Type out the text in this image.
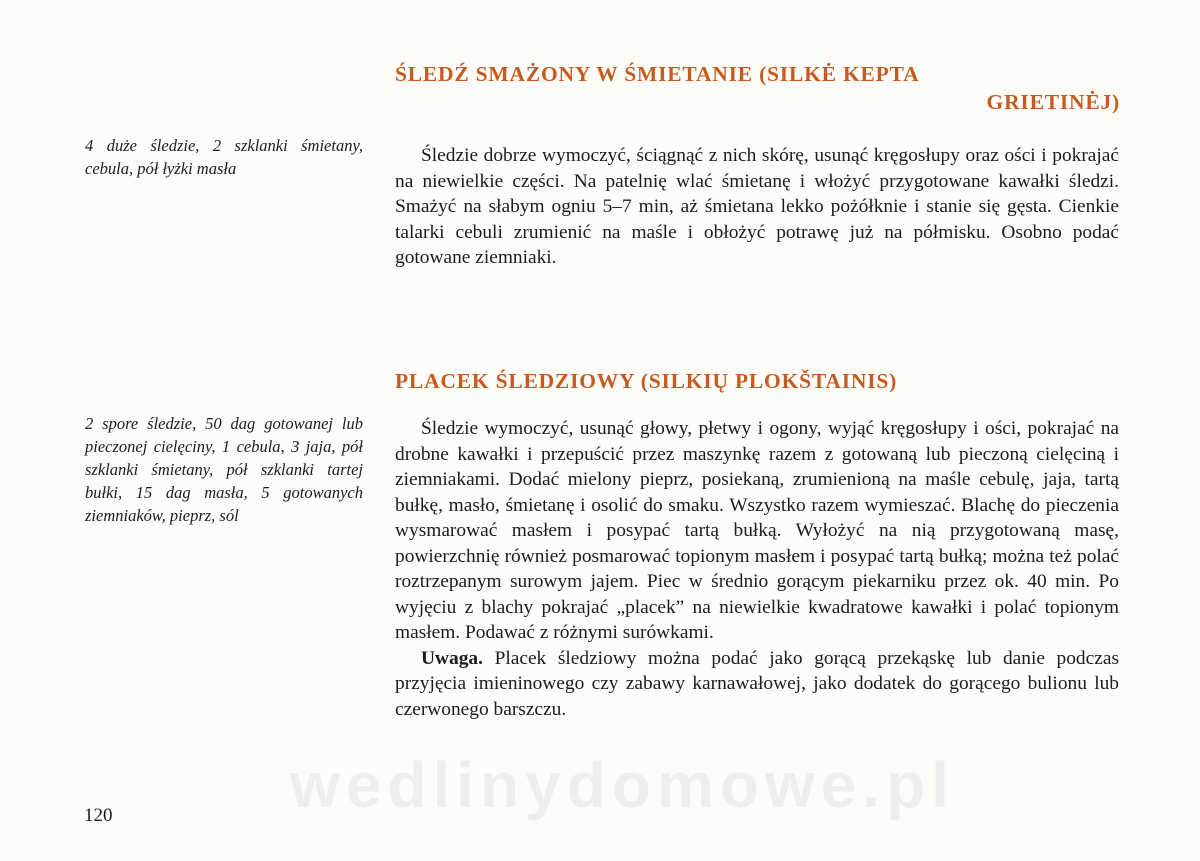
ŚLEDŹ SMAŻONY W ŚMIETANIE (SILKĖ KEPTA

GRIETINĖJ)

4 duże śledzie, 2 szklanki śmietany, cebula, pół łyżki masła

Śledzie dobrze wymoczyć, ściągnąć z nich skórę, usunąć kręgosłupy oraz ości i pokrajać na niewielkie części. Na patelnię wlać śmietanę i włożyć przygotowane kawałki śledzi. Smażyć na słabym ogniu 5–7 min, aż śmietana lekko pożółknie i stanie się gęsta. Cienkie talarki cebuli zrumienić na maśle i obłożyć potrawę już na półmisku. Osobno podać gotowane ziemniaki.

PLACEK ŚLEDZIOWY (SILKIŲ PLOKŠTAINIS)

2 spore śledzie, 50 dag gotowanej lub pieczonej cielęciny, 1 cebula, 3 jaja, pół szklanki śmietany, pół szklanki tartej bułki, 15 dag masła, 5 gotowanych ziemniaków, pieprz, sól

Śledzie wymoczyć, usunąć głowy, płetwy i ogony, wyjąć kręgosłupy i ości, pokrajać na drobne kawałki i przepuścić przez maszynkę razem z gotowaną lub pieczoną cielęciną i ziemniakami. Dodać mielony pieprz, posiekaną, zrumienioną na maśle cebulę, jaja, tartą bułkę, masło, śmietanę i osolić do smaku. Wszystko razem wymieszać. Blachę do pieczenia wysmarować masłem i posypać tartą bułką. Wyłożyć na nią przygotowaną masę, powierzchnię również posmarować topionym masłem i posypać tartą bułką; można też polać roztrzepanym surowym jajem. Piec w średnio gorącym piekarniku przez ok. 40 min. Po wyjęciu z blachy pokrajać „placek” na niewielkie kwadratowe kawałki i polać topionym masłem. Podawać z różnymi surówkami.

Uwaga. Placek śledziowy można podać jako gorącą przekąskę lub danie podczas przyjęcia imieninowego czy zabawy karnawałowej, jako dodatek do gorącego bulionu lub czerwonego barszczu.

120	wedlinydomowe.pl
